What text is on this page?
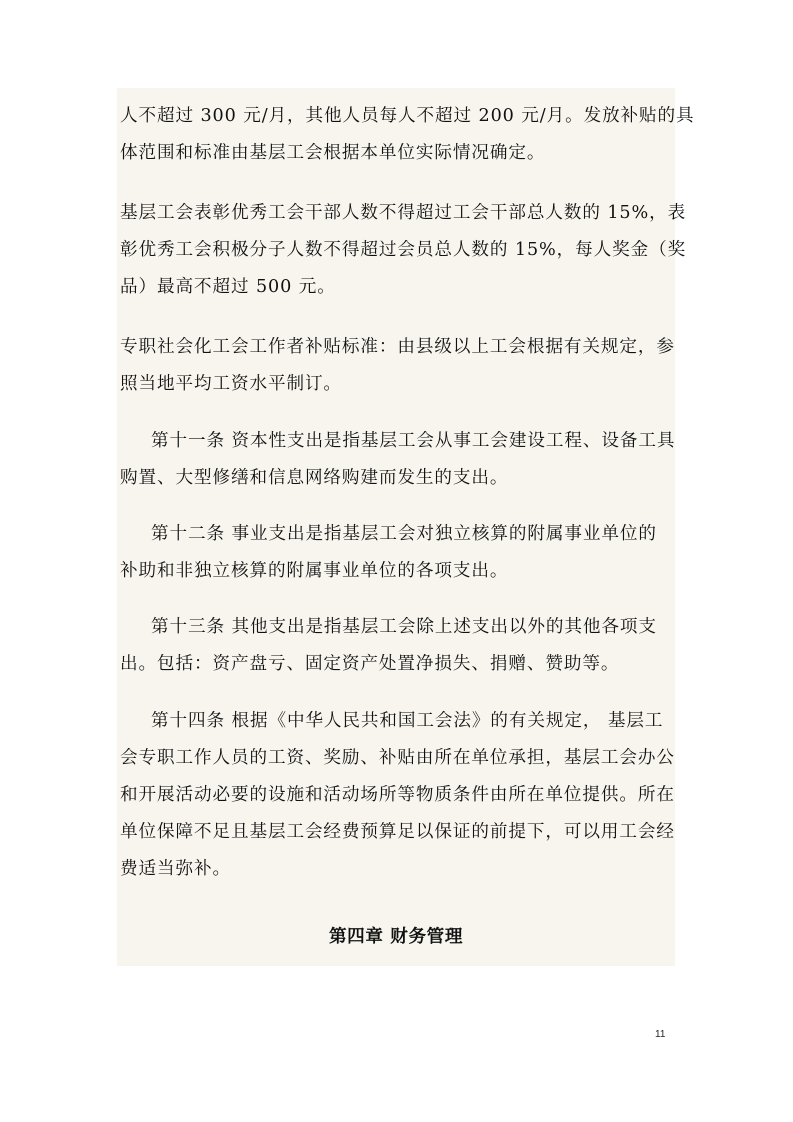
人不超过 300 元/月，其他人员每人不超过 200 元/月。发放补贴的具
体范围和标准由基层工会根据本单位实际情况确定。

基层工会表彰优秀工会干部人数不得超过工会干部总人数的 15%，表
彰优秀工会积极分子人数不得超过会员总人数的 15%，每人奖金（奖
品）最高不超过 500 元。

专职社会化工会工作者补贴标准：由县级以上工会根据有关规定，参
照当地平均工资水平制订。

第十一条 资本性支出是指基层工会从事工会建设工程、设备工具
购置、大型修缮和信息网络购建而发生的支出。

第十二条 事业支出是指基层工会对独立核算的附属事业单位的
补助和非独立核算的附属事业单位的各项支出。

第十三条 其他支出是指基层工会除上述支出以外的其他各项支
出。包括：资产盘亏、固定资产处置净损失、捐赠、赞助等。

第十四条 根据《中华人民共和国工会法》的有关规定， 基层工
会专职工作人员的工资、奖励、补贴由所在单位承担，基层工会办公
和开展活动必要的设施和活动场所等物质条件由所在单位提供。所在
单位保障不足且基层工会经费预算足以保证的前提下，可以用工会经
费适当弥补。

第四章 财务管理
11
